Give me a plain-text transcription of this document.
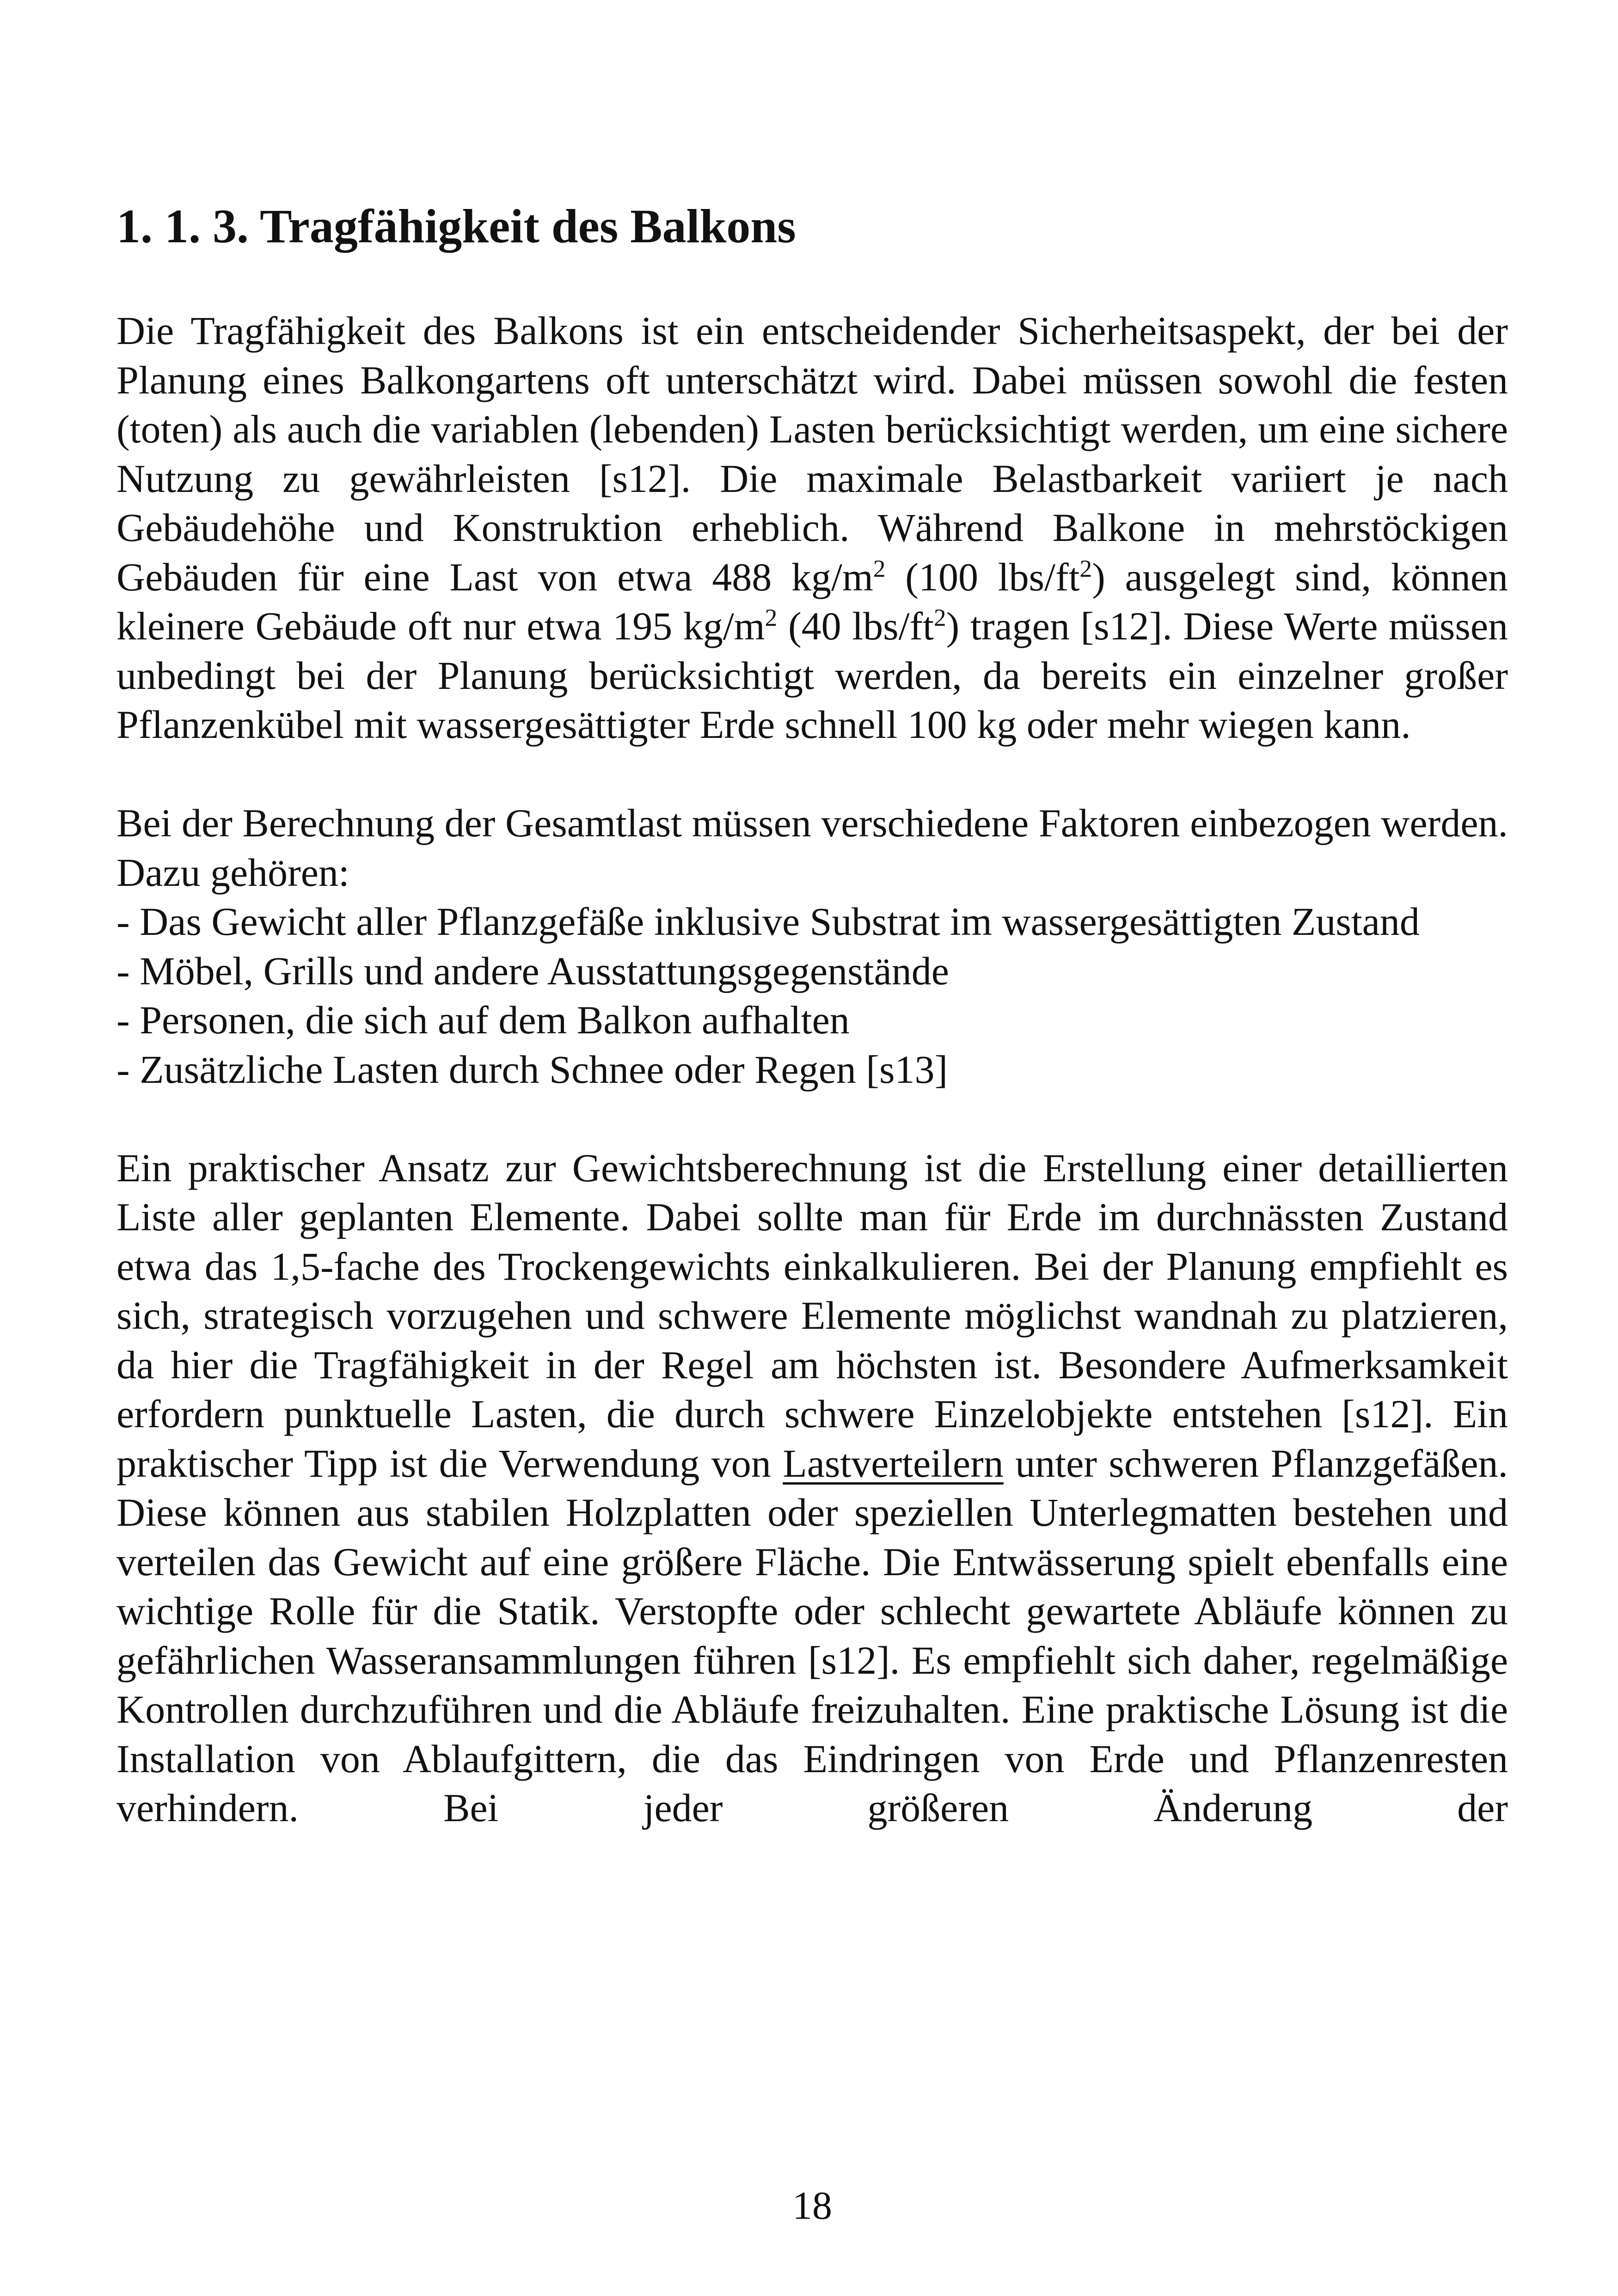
1. 1. 3. Tragfähigkeit des Balkons

Die Tragfähigkeit des Balkons ist ein entscheidender Sicherheitsaspekt, der bei der Planung eines Balkongartens oft unterschätzt wird. Dabei müssen sowohl die festen (toten) als auch die variablen (lebenden) Lasten berücksichtigt werden, um eine sichere Nutzung zu gewährleisten [s12]. Die maximale Belastbarkeit variiert je nach Gebäudehöhe und Konstruktion erheblich. Während Balkone in mehrstöckigen Gebäuden für eine Last von etwa 488 $kg/m^2$ (100 lbs/$ft^2$) ausgelegt sind, können kleinere Gebäude oft nur etwa 195 $kg/m^2$ (40 lbs/$ft^2$) tragen [s12]. Diese Werte müssen unbedingt bei der Planung berücksichtigt werden, da bereits ein einzelner großer Pflanzenkübel mit wassergesättigter Erde schnell 100 kg oder mehr wiegen kann.

Bei der Berechnung der Gesamtlast müssen verschiedene Faktoren einbezogen werden. Dazu gehören:

- Das Gewicht aller Pflanzgefäße inklusive Substrat im wassergesättigten Zustand
- Möbel, Grills und andere Ausstattungsgegenstände
- Personen, die sich auf dem Balkon aufhalten
- Zusätzliche Lasten durch Schnee oder Regen [s13]

Ein praktischer Ansatz zur Gewichtsberechnung ist die Erstellung einer detaillierten Liste aller geplanten Elemente. Dabei sollte man für Erde im durchnässten Zustand etwa das 1,5-fache des Trockengewichts einkalkulieren. Bei der Planung empfiehlt es sich, strategisch vorzugehen und schwere Elemente möglichst wandnah zu platzieren, da hier die Tragfähigkeit in der Regel am höchsten ist. Besondere Aufmerksamkeit erfordern punktuelle Lasten, die durch schwere Einzelobjekte entstehen [s12]. Ein praktischer Tipp ist die Verwendung von Lastverteilern unter schweren Pflanzgefäßen. Diese können aus stabilen Holzplatten oder speziellen Unterlegmatten bestehen und verteilen das Gewicht auf eine größere Fläche. Die Entwässerung spielt ebenfalls eine wichtige Rolle für die Statik. Verstopfte oder schlecht gewartete Abläufe können zu gefährlichen Wasseransammlungen führen [s12]. Es empfiehlt sich daher, regelmäßige Kontrollen durchzuführen und die Abläufe freizuhalten. Eine praktische Lösung ist die Installation von Ablaufgittern, die das Eindringen von Erde und Pflanzenresten verhindern. Bei jeder größeren Änderung der

18
